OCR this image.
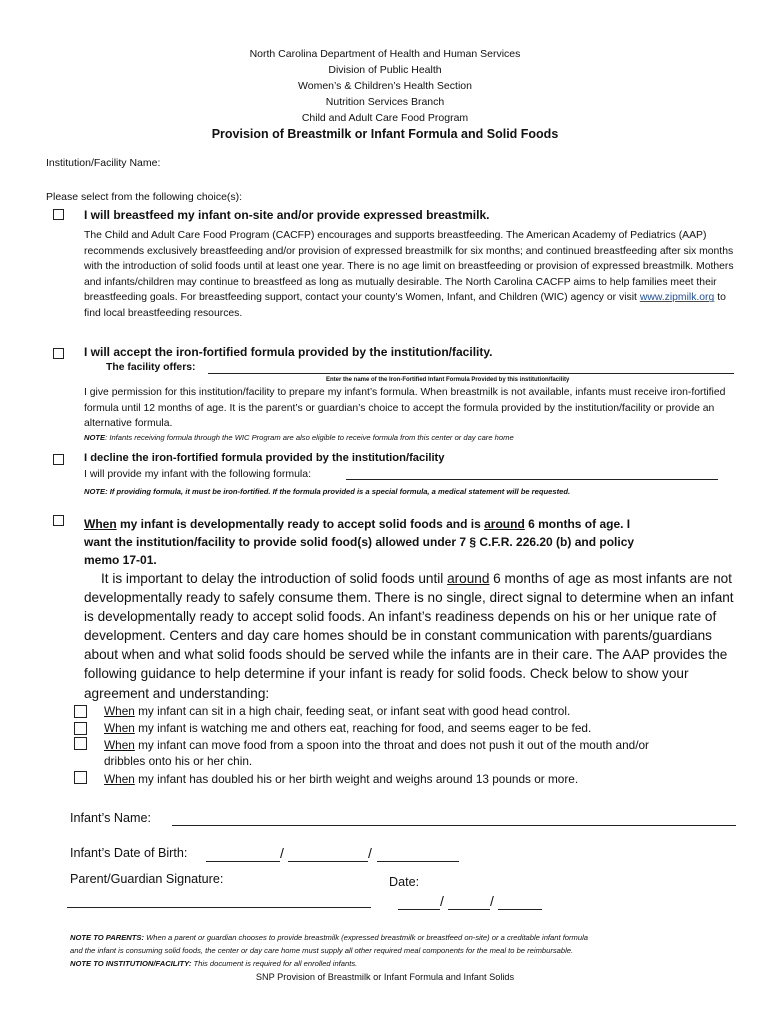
North Carolina Department of Health and Human Services
Division of Public Health
Women’s & Children’s Health Section
Nutrition Services Branch
Child and Adult Care Food Program
Provision of Breastmilk or Infant Formula and Solid Foods
Institution/Facility Name:
Please select from the following choice(s):
I will breastfeed my infant on-site and/or provide expressed breastmilk.
The Child and Adult Care Food Program (CACFP) encourages and supports breastfeeding. The American Academy of Pediatrics (AAP) recommends exclusively breastfeeding and/or provision of expressed breastmilk for six months; and continued breastfeeding after six months with the introduction of solid foods until at least one year. There is no age limit on breastfeeding or provision of expressed breastmilk. Mothers and infants/children may continue to breastfeed as long as mutually desirable. The North Carolina CACFP aims to help families meet their breastfeeding goals. For breastfeeding support, contact your county’s Women, Infant, and Children (WIC) agency or visit www.zipmilk.org to find local breastfeeding resources.
I will accept the iron-fortified formula provided by the institution/facility.
The facility offers:
Enter the name of the Iron-Fortified Infant Formula Provided by this institution/facility
I give permission for this institution/facility to prepare my infant’s formula. When breastmilk is not available, infants must receive iron-fortified formula until 12 months of age. It is the parent’s or guardian’s choice to accept the formula provided by the institution/facility or provide an alternative formula.
NOTE: Infants receiving formula through the WIC Program are also eligible to receive formula from this center or day care home
I decline the iron-fortified formula provided by the institution/facility
I will provide my infant with the following formula:
NOTE: If providing formula, it must be iron-fortified. If the formula provided is a special formula, a medical statement will be requested.
When my infant is developmentally ready to accept solid foods and is around 6 months of age. I
want the institution/facility to provide solid food(s) allowed under 7 § C.F.R. 226.20 (b) and policy
memo 17-01.
It is important to delay the introduction of solid foods until around 6 months of age as most infants are not developmentally ready to safely consume them. There is no single, direct signal to determine when an infant is developmentally ready to accept solid foods. An infant’s readiness depends on his or her unique rate of development. Centers and day care homes should be in constant communication with parents/guardians about when and what solid foods should be served while the infants are in their care. The AAP provides the following guidance to help determine if your infant is ready for solid foods. Check below to show your agreement and understanding:
When my infant can sit in a high chair, feeding seat, or infant seat with good head control.
When my infant is watching me and others eat, reaching for food, and seems eager to be fed.
When my infant can move food from a spoon into the throat and does not push it out of the mouth and/or
dribbles onto his or her chin.
When my infant has doubled his or her birth weight and weighs around 13 pounds or more.
Infant’s Name:
Infant’s Date of Birth:	/	/
Parent/Guardian Signature:	Date:
/	/
NOTE TO PARENTS: When a parent or guardian chooses to provide breastmilk (expressed breastmilk or breastfeed on-site) or a creditable infant formula
and the infant is consuming solid foods, the center or day care home must supply all other required meal components for the meal to be reimbursable.
NOTE TO INSTITUTION/FACILITY: This document is required for all enrolled infants.
SNP Provision of Breastmilk or Infant Formula and Infant Solids
